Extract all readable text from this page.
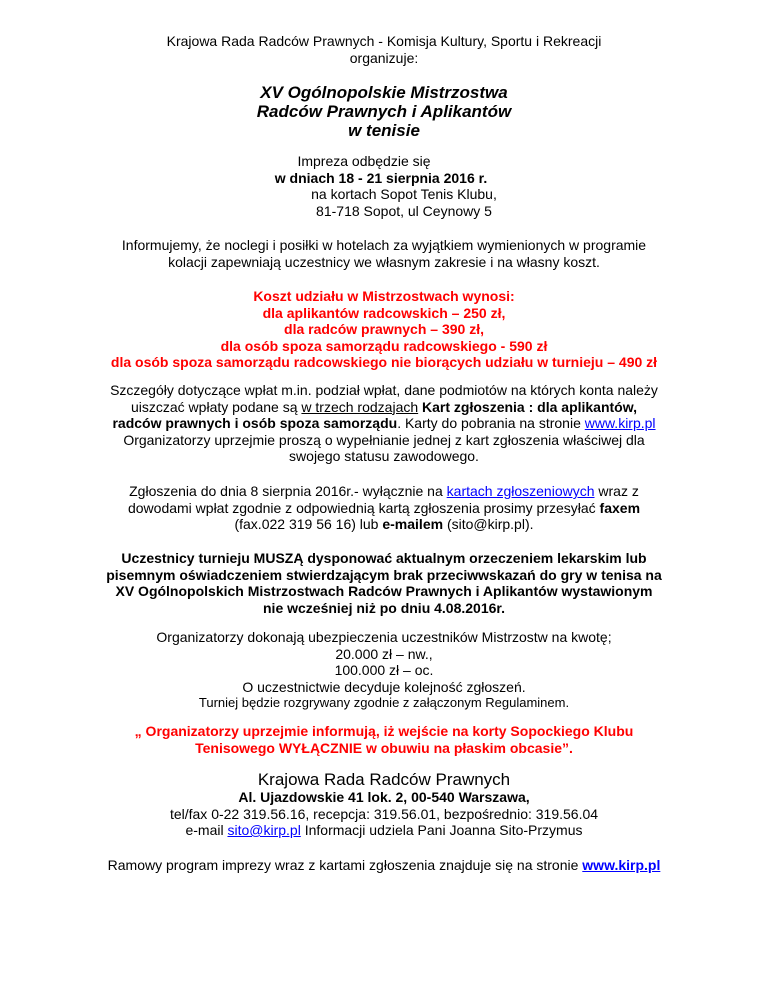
Krajowa Rada Radców Prawnych - Komisja Kultury, Sportu i Rekreacji
organizuje:
XV Ogólnopolskie Mistrzostwa
Radców Prawnych i Aplikantów
w tenisie
Impreza odbędzie się
w dniach 18 - 21 sierpnia 2016 r.
na kortach Sopot Tenis Klubu,
81-718 Sopot, ul Ceynowy 5
Informujemy, że noclegi i posiłki w hotelach za wyjątkiem wymienionych w programie
kolacji zapewniają uczestnicy we własnym zakresie i na własny koszt.
Koszt udziału w Mistrzostwach wynosi:
dla aplikantów radcowskich – 250 zł,
dla radców prawnych – 390 zł,
dla osób spoza samorządu radcowskiego - 590 zł
dla osób spoza samorządu radcowskiego nie biorących udziału w turnieju – 490 zł
Szczegóły dotyczące wpłat m.in. podział wpłat, dane podmiotów na których konta należy
uiszczać wpłaty podane są w trzech rodzajach Kart zgłoszenia : dla aplikantów,
radców prawnych i osób spoza samorządu. Karty do pobrania na stronie www.kirp.pl
Organizatorzy uprzejmie proszą o wypełnianie jednej z kart zgłoszenia właściwej dla
swojego statusu zawodowego.
Zgłoszenia do dnia 8 sierpnia 2016r.- wyłącznie na kartach zgłoszeniowych wraz z
dowodami wpłat zgodnie z odpowiednią kartą zgłoszenia prosimy przesyłać faxem
(fax.022 319 56 16) lub e-mailem (sito@kirp.pl).
Uczestnicy turnieju MUSZĄ dysponować aktualnym orzeczeniem lekarskim lub
pisemnym oświadczeniem stwierdzającym brak przeciwwskazań do gry w tenisa na
XV Ogólnopolskich Mistrzostwach Radców Prawnych i Aplikantów wystawionym
nie wcześniej niż po dniu 4.08.2016r.
Organizatorzy dokonają ubezpieczenia uczestników Mistrzostw na kwotę;
20.000 zł – nw.,
100.000 zł – oc.
O uczestnictwie decyduje kolejność zgłoszeń.
Turniej będzie rozgrywany zgodnie z załączonym Regulaminem.
„ Organizatorzy uprzejmie informują, iż wejście na korty Sopockiego Klubu
Tenisowego WYŁĄCZNIE w obuwiu na płaskim obcasie”.
Krajowa Rada Radców Prawnych
Al. Ujazdowskie 41 lok. 2, 00-540 Warszawa,
tel/fax 0-22 319.56.16, recepcja: 319.56.01, bezpośrednio: 319.56.04
e-mail sito@kirp.pl Informacji udziela Pani Joanna Sito-Przymus
Ramowy program imprezy wraz z kartami zgłoszenia znajduje się na stronie www.kirp.pl
